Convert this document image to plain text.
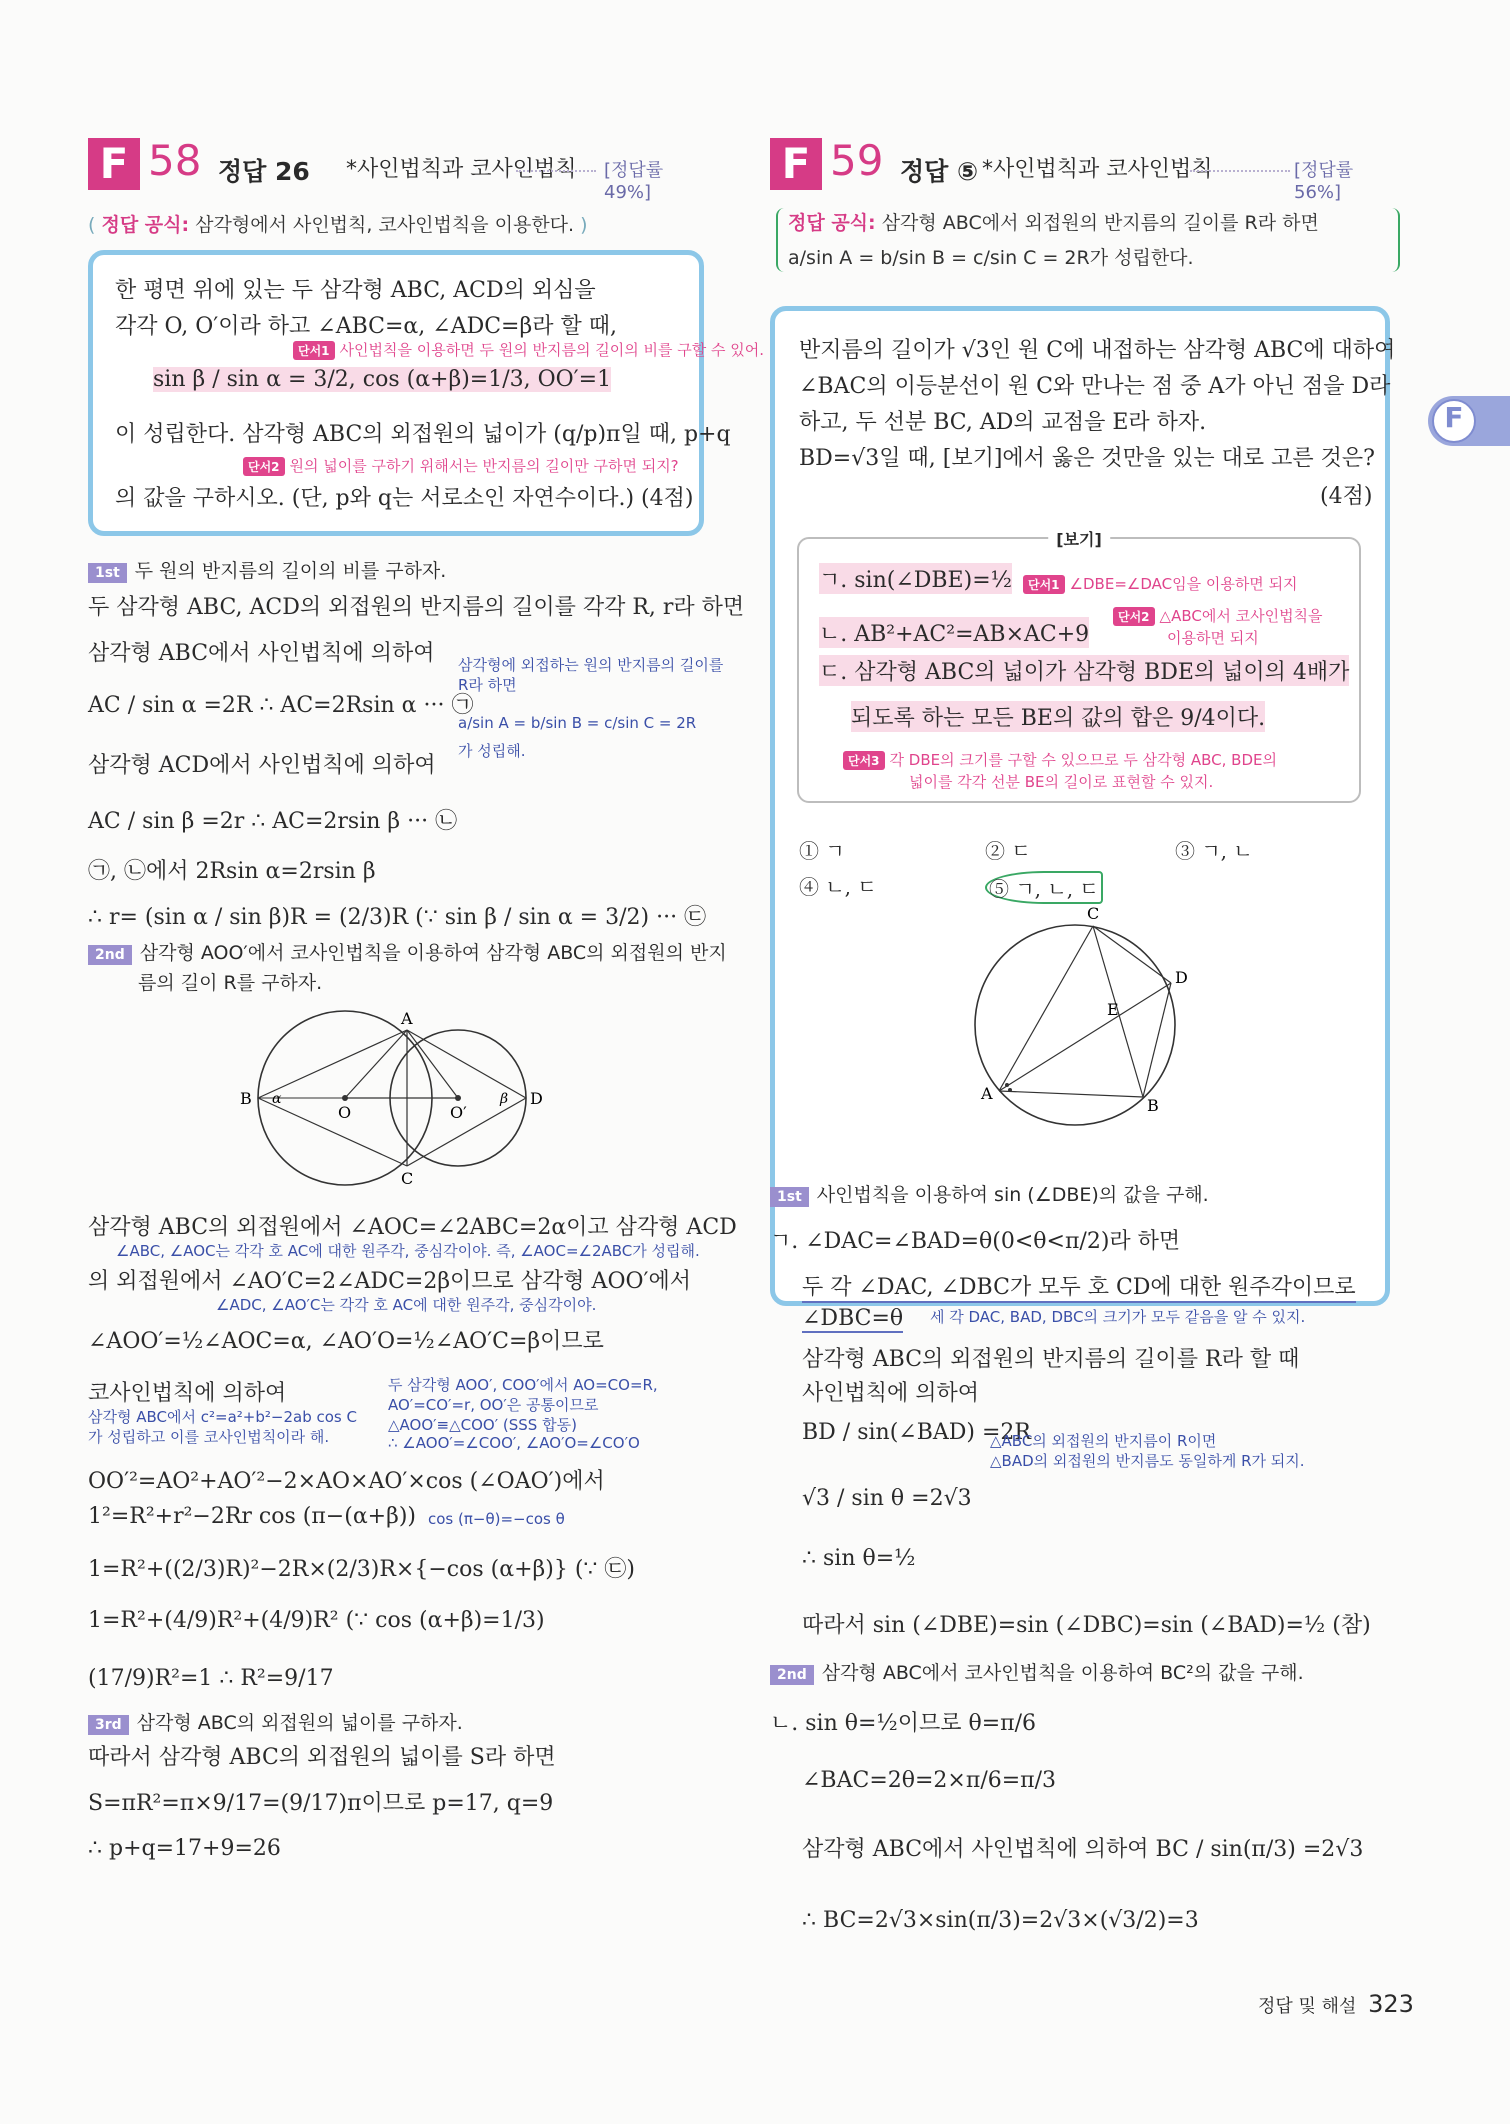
F 58 정답 26 *사인법칙과 코사인법칙 [정답률 49%]
( 정답 공식: 삼각형에서 사인법칙, 코사인법칙을 이용한다. )
한 평면 위에 있는 두 삼각형 ABC, ACD의 외심을
각각 O, O′이라 하고 ∠ABC=α, ∠ADC=β라 할 때,
단서1 사인법칙을 이용하면 두 원의 반지름의 길이의 비를 구할 수 있어.
sin β / sin α = 3/2, cos (α+β)=1/3, OO′=1
이 성립한다. 삼각형 ABC의 외접원의 넓이가 (q/p)π일 때, p+q
단서2 원의 넓이를 구하기 위해서는 반지름의 길이만 구하면 되지?
의 값을 구하시오. (단, p와 q는 서로소인 자연수이다.) (4점)
1st 두 원의 반지름의 길이의 비를 구하자.
두 삼각형 ABC, ACD의 외접원의 반지름의 길이를 각각 R, r라 하면
삼각형 ABC에서 사인법칙에 의하여 삼각형에 외접하는 원의 반지름의 길이를
R라 하면
AC / sin α =2R ∴ AC=2Rsin α ··· ㉠
a/sin A = b/sin B = c/sin C = 2R
가 성립해.
삼각형 ACD에서 사인법칙에 의하여
AC / sin β =2r ∴ AC=2rsin β ··· ㉡
㉠, ㉡에서 2Rsin α=2rsin β
∴ r= (sin α / sin β)R = (2/3)R (∵ sin β / sin α = 3/2) ··· ㉢
2nd 삼각형 AOO′에서 코사인법칙을 이용하여 삼각형 ABC의 외접원의 반지
름의 길이 R를 구하자.
A
B
C
D
O	O′
α	β
삼각형 ABC의 외접원에서 ∠AOC=∠2ABC=2α이고 삼각형 ACD
∠ABC, ∠AOC는 각각 호 AC에 대한 원주각, 중심각이야. 즉, ∠AOC=∠2ABC가 성립해.
의 외접원에서 ∠AO′C=2∠ADC=2β이므로 삼각형 AOO′에서
∠ADC, ∠AO′C는 각각 호 AC에 대한 원주각, 중심각이야.
∠AOO′=½∠AOC=α, ∠AO′O=½∠AO′C=β이므로
코사인법칙에 의하여	두 삼각형 AOO′, COO′에서 AO=CO=R,
AO′=CO′=r, OO′은 공통이므로
△AOO′≡△COO′ (SSS 합동)
∴ ∠AOO′=∠COO′, ∠AO′O=∠CO′O
삼각형 ABC에서 c²=a²+b²−2ab cos C
가 성립하고 이를 코사인법칙이라 해.
OO′²=AO²+AO′²−2×AO×AO′×cos (∠OAO′)에서
1²=R²+r²−2Rr cos (π−(α+β)) cos (π−θ)=−cos θ
1=R²+((2/3)R)²−2R×(2/3)R×{−cos (α+β)} (∵ ㉢)
1=R²+(4/9)R²+(4/9)R² (∵ cos (α+β)=1/3)
(17/9)R²=1 ∴ R²=9/17
3rd 삼각형 ABC의 외접원의 넓이를 구하자.
따라서 삼각형 ABC의 외접원의 넓이를 S라 하면
S=πR²=π×9/17=(9/17)π이므로 p=17, q=9
∴ p+q=17+9=26
F 59 정답 ⑤ *사인법칙과 코사인법칙	[정답률 56%]
정답 공식: 삼각형 ABC에서 외접원의 반지름의 길이를 R라 하면
a/sin A = b/sin B = c/sin C = 2R가 성립한다.
반지름의 길이가 √3인 원 C에 내접하는 삼각형 ABC에 대하여
∠BAC의 이등분선이 원 C와 만나는 점 중 A가 아닌 점을 D라
하고, 두 선분 BC, AD의 교점을 E라 하자.
BD=√3일 때, [보기]에서 옳은 것만을 있는 대로 고른 것은?
(4점)
[보기]
ㄱ. sin(∠DBE)=½	단서1 ∠DBE=∠DAC임을 이용하면 되지
ㄴ. AB²+AC²=AB×AC+9
단서2 △ABC에서 코사인법칙을
이용하면 되지
ㄷ. 삼각형 ABC의 넓이가 삼각형 BDE의 넓이의 4배가
되도록 하는 모든 BE의 값의 합은 9/4이다.
단서3 각 DBE의 크기를 구할 수 있으므로 두 삼각형 ABC, BDE의
넓이를 각각 선분 BE의 길이로 표현할 수 있지.
① ㄱ	② ㄷ	③ ㄱ, ㄴ
④ ㄴ, ㄷ	⑤ ㄱ, ㄴ, ㄷ
C
D
E
A
B
1st 사인법칙을 이용하여 sin (∠DBE)의 값을 구해.
ㄱ. ∠DAC=∠BAD=θ(0<θ<π/2)라 하면
두 각 ∠DAC, ∠DBC가 모두 호 CD에 대한 원주각이므로
∠DBC=θ 세 각 DAC, BAD, DBC의 크기가 모두 같음을 알 수 있지.
삼각형 ABC의 외접원의 반지름의 길이를 R라 할 때
사인법칙에 의하여
BD / sin(∠BAD) =2R
△ABC의 외접원의 반지름이 R이면
△BAD의 외접원의 반지름도 동일하게 R가 되지.
√3 / sin θ =2√3
∴ sin θ=½
따라서 sin (∠DBE)=sin (∠DBC)=sin (∠BAD)=½ (참)
2nd 삼각형 ABC에서 코사인법칙을 이용하여 BC²의 값을 구해.
ㄴ. sin θ=½이므로 θ=π/6
∠BAC=2θ=2×π/6=π/3
삼각형 ABC에서 사인법칙에 의하여 BC / sin(π/3) =2√3
∴ BC=2√3×sin(π/3)=2√3×(√3/2)=3
F
정답 및 해설 323
